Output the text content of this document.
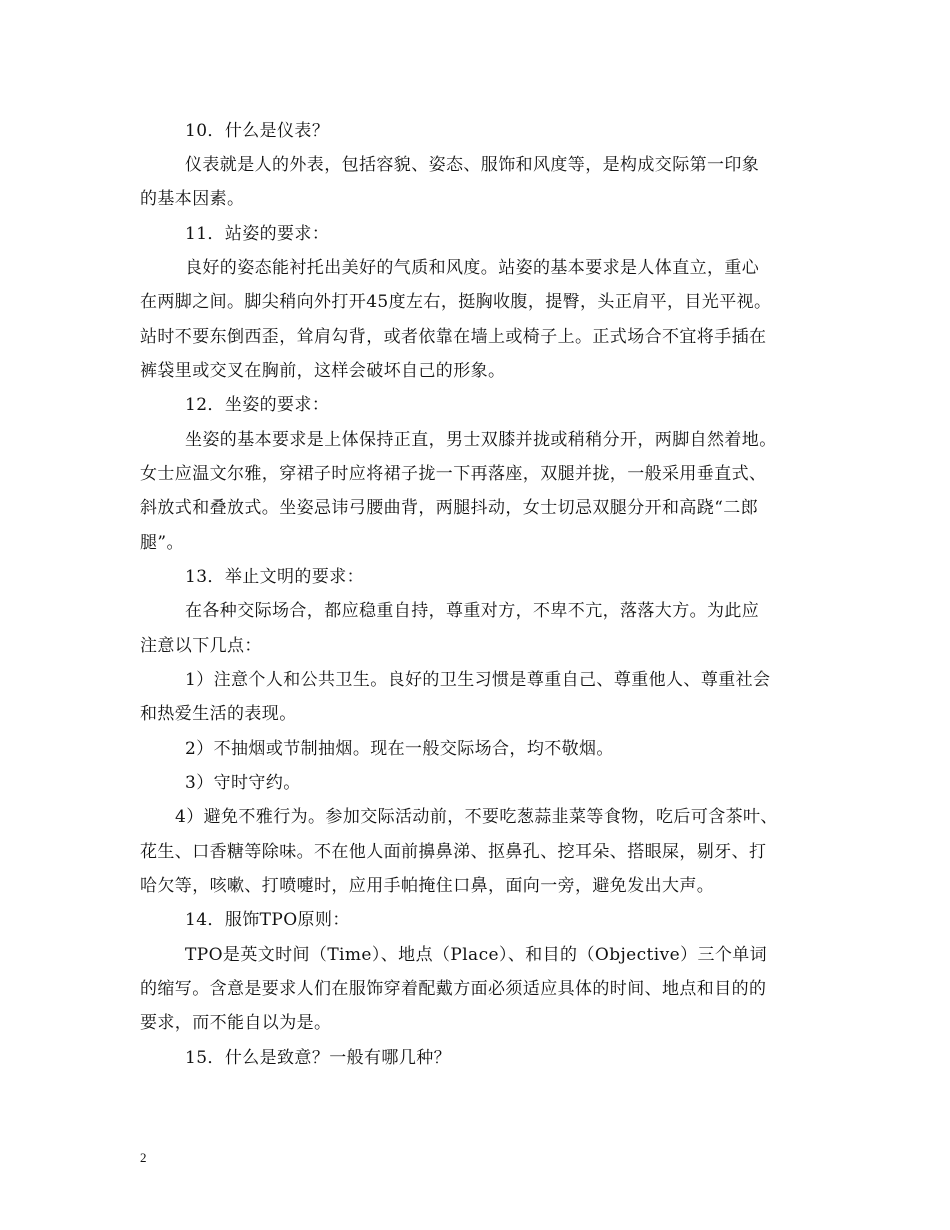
10．什么是仪表？
仪表就是人的外表，包括容貌、姿态、服饰和风度等，是构成交际第一印象
的基本因素。
11．站姿的要求：
良好的姿态能衬托出美好的气质和风度。站姿的基本要求是人体直立，重心
在两脚之间。脚尖稍向外打开45度左右，挺胸收腹，提臀，头正肩平，目光平视。
站时不要东倒西歪，耸肩勾背，或者依靠在墙上或椅子上。正式场合不宜将手插在
裤袋里或交叉在胸前，这样会破坏自己的形象。
12．坐姿的要求：
坐姿的基本要求是上体保持正直，男士双膝并拢或稍稍分开，两脚自然着地。
女士应温文尔雅，穿裙子时应将裙子拢一下再落座，双腿并拢，一般采用垂直式、
斜放式和叠放式。坐姿忌讳弓腰曲背，两腿抖动，女士切忌双腿分开和高跷“二郎
腿”。
13．举止文明的要求：
在各种交际场合，都应稳重自持，尊重对方，不卑不亢，落落大方。为此应
注意以下几点：
1）注意个人和公共卫生。良好的卫生习惯是尊重自己、尊重他人、尊重社会
和热爱生活的表现。
2）不抽烟或节制抽烟。现在一般交际场合，均不敬烟。
3）守时守约。
4）避免不雅行为。参加交际活动前，不要吃葱蒜韭菜等食物，吃后可含茶叶、
花生、口香糖等除味。不在他人面前擤鼻涕、抠鼻孔、挖耳朵、搭眼屎，剔牙、打
哈欠等，咳嗽、打喷嚏时，应用手帕掩住口鼻，面向一旁，避免发出大声。
14．服饰TPO原则：
TPO是英文时间（Time）、地点（Place）、和目的（Objective）三个单词
的缩写。含意是要求人们在服饰穿着配戴方面必须适应具体的时间、地点和目的的
要求，而不能自以为是。
15．什么是致意？一般有哪几种？
2
